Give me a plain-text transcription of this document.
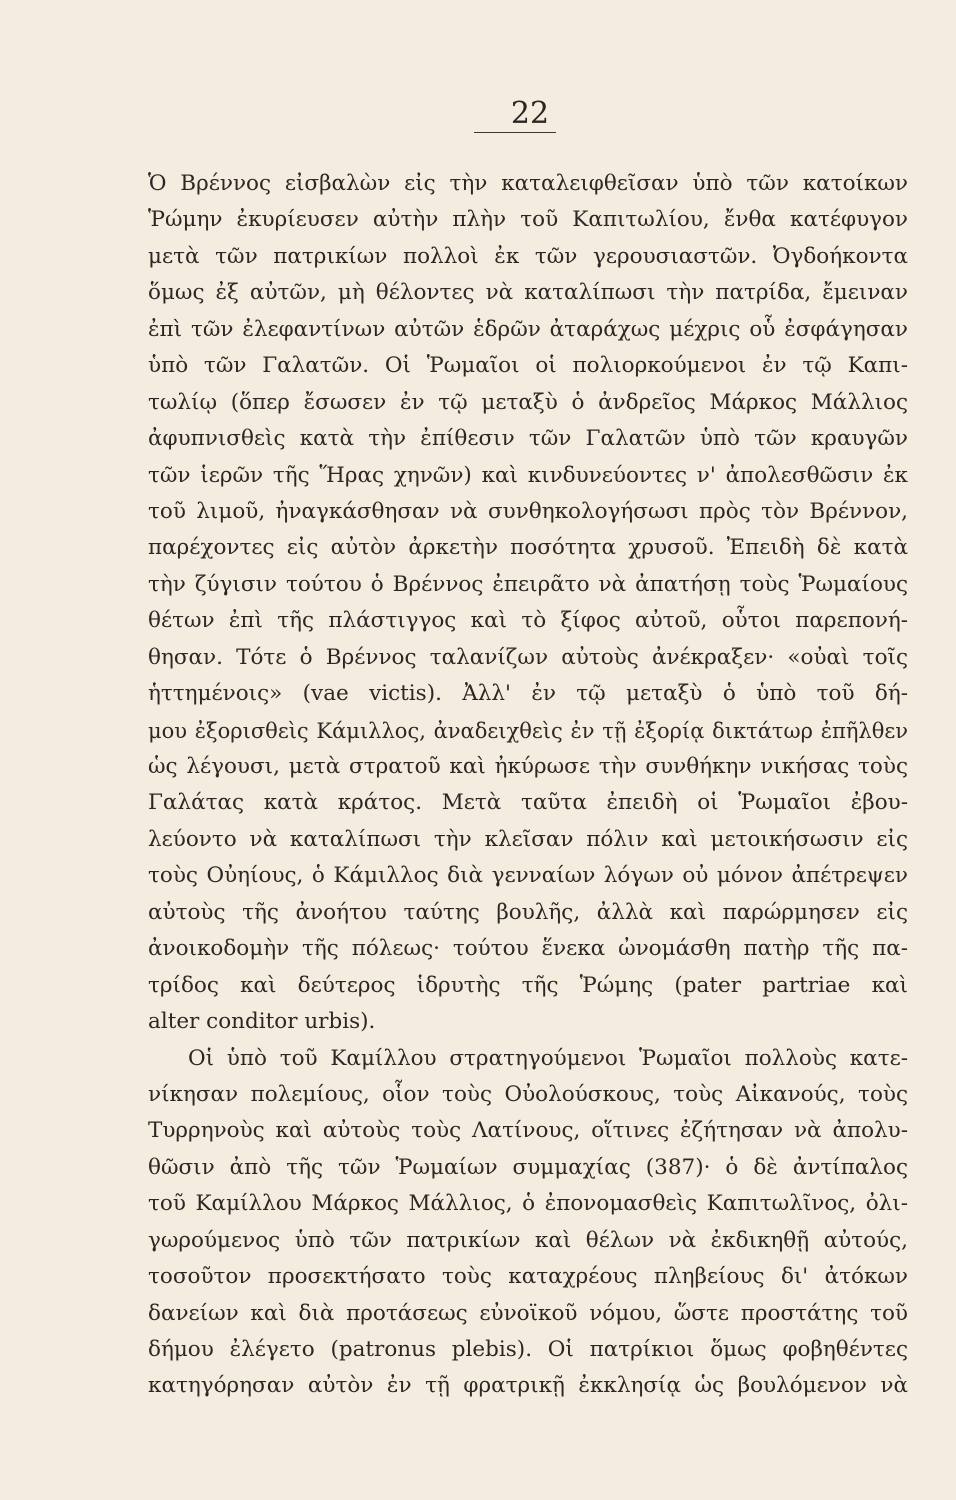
22
Ὁ Βρέννος εἰσβαλὼν εἰς τὴν καταλειφθεῖσαν ὑπὸ τῶν κατοίκων
Ῥώμην ἐκυρίευσεν αὐτὴν πλὴν τοῦ Καπιτωλίου, ἔνθα κατέφυγον
μετὰ τῶν πατρικίων πολλοὶ ἐκ τῶν γερουσιαστῶν. Ὀγδοήκοντα
ὅμως ἐξ αὐτῶν, μὴ θέλοντες νὰ καταλίπωσι τὴν πατρίδα, ἔμειναν
ἐπὶ τῶν ἐλεφαντίνων αὐτῶν ἑδρῶν ἀταράχως μέχρις οὗ ἐσφάγησαν
ὑπὸ τῶν Γαλατῶν. Οἱ Ῥωμαῖοι οἱ πολιορκούμενοι ἐν τῷ Καπι-
τωλίῳ (ὅπερ ἔσωσεν ἐν τῷ μεταξὺ ὁ ἀνδρεῖος Μάρκος Μάλλιος
ἀφυπνισθεὶς κατὰ τὴν ἐπίθεσιν τῶν Γαλατῶν ὑπὸ τῶν κραυγῶν
τῶν ἱερῶν τῆς Ἥρας χηνῶν) καὶ κινδυνεύοντες ν' ἀπολεσθῶσιν ἐκ
τοῦ λιμοῦ, ἠναγκάσθησαν νὰ συνθηκολογήσωσι πρὸς τὸν Βρέννον,
παρέχοντες εἰς αὐτὸν ἀρκετὴν ποσότητα χρυσοῦ. Ἐπειδὴ δὲ κατὰ
τὴν ζύγισιν τούτου ὁ Βρέννος ἐπειρᾶτο νὰ ἀπατήσῃ τοὺς Ῥωμαίους
θέτων ἐπὶ τῆς πλάστιγγος καὶ τὸ ξίφος αὐτοῦ, οὗτοι παρεπονή-
θησαν. Τότε ὁ Βρέννος ταλανίζων αὐτοὺς ἀνέκραξεν· «οὐαὶ τοῖς
ἡττημένοις» (vae victis). Ἀλλ' ἐν τῷ μεταξὺ ὁ ὑπὸ τοῦ δή-
μου ἐξορισθεὶς Κάμιλλος, ἀναδειχθεὶς ἐν τῇ ἐξορίᾳ δικτάτωρ ἐπῆλθεν
ὡς λέγουσι, μετὰ στρατοῦ καὶ ἠκύρωσε τὴν συνθήκην νικήσας τοὺς
Γαλάτας κατὰ κράτος. Μετὰ ταῦτα ἐπειδὴ οἱ Ῥωμαῖοι ἐβου-
λεύοντο νὰ καταλίπωσι τὴν κλεῖσαν πόλιν καὶ μετοικήσωσιν εἰς
τοὺς Οὐηίους, ὁ Κάμιλλος διὰ γενναίων λόγων οὐ μόνον ἀπέτρεψεν
αὐτοὺς τῆς ἀνοήτου ταύτης βουλῆς, ἀλλὰ καὶ παρώρμησεν εἰς
ἀνοικοδομὴν τῆς πόλεως· τούτου ἕνεκα ὠνομάσθη πατὴρ τῆς πα-
τρίδος καὶ δεύτερος ἱδρυτὴς τῆς Ῥώμης (pater partriae καὶ
alter conditor urbis).
Οἱ ὑπὸ τοῦ Καμίλλου στρατηγούμενοι Ῥωμαῖοι πολλοὺς κατε-
νίκησαν πολεμίους, οἷον τοὺς Οὐολούσκους, τοὺς Αἰκανούς, τοὺς
Τυρρηνοὺς καὶ αὐτοὺς τοὺς Λατίνους, οἵτινες ἐζήτησαν νὰ ἀπολυ-
θῶσιν ἀπὸ τῆς τῶν Ῥωμαίων συμμαχίας (387)· ὁ δὲ ἀντίπαλος
τοῦ Καμίλλου Μάρκος Μάλλιος, ὁ ἐπονομασθεὶς Καπιτωλῖνος, ὀλι-
γωρούμενος ὑπὸ τῶν πατρικίων καὶ θέλων νὰ ἐκδικηθῇ αὐτούς,
τοσοῦτον προσεκτήσατο τοὺς καταχρέους πληβείους δι' ἀτόκων
δανείων καὶ διὰ προτάσεως εὐνοϊκοῦ νόμου, ὥστε προστάτης τοῦ
δήμου ἐλέγετο (patronus plebis). Οἱ πατρίκιοι ὅμως φοβηθέντες
κατηγόρησαν αὐτὸν ἐν τῇ φρατρικῇ ἐκκλησίᾳ ὡς βουλόμενον νὰ
